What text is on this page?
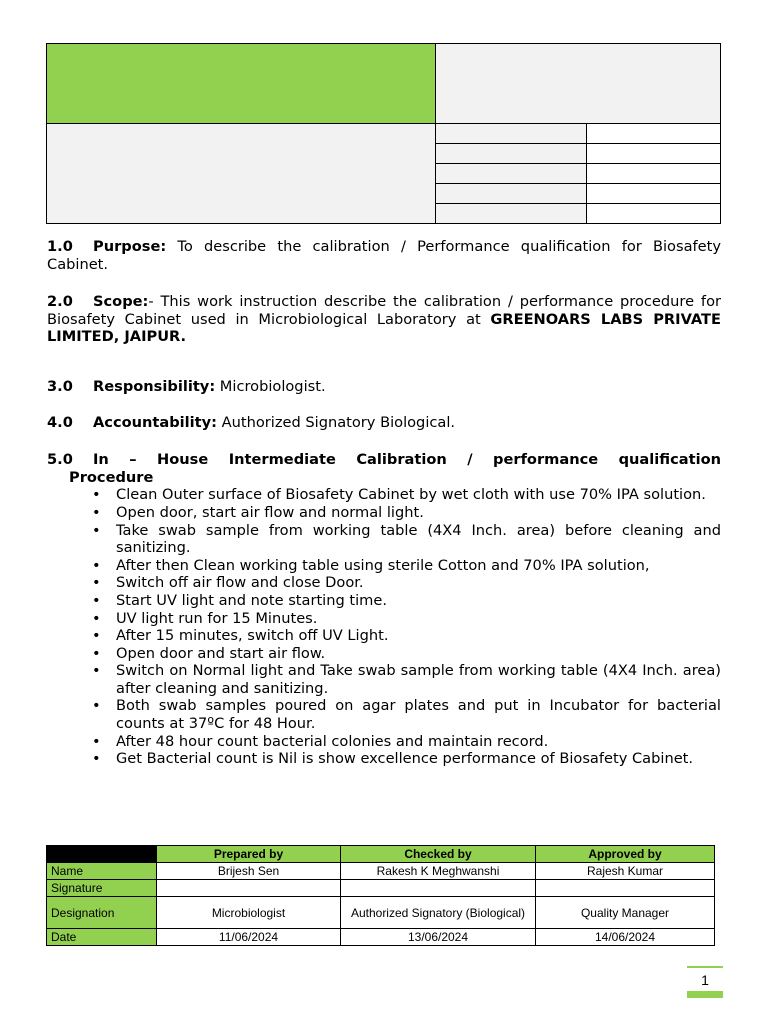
1.0 Purpose: To describe the calibration / Performance qualification for Biosafety Cabinet.

2.0 Scope:- This work instruction describe the calibration / performance procedure for Biosafety Cabinet used in Microbiological Laboratory at GREENOARS LABS PRIVATE LIMITED, JAIPUR.

3.0 Responsibility: Microbiologist.

4.0 Accountability: Authorized Signatory Biological.

5.0 In – House Intermediate Calibration / performance qualification

Procedure

• Clean Outer surface of Biosafety Cabinet by wet cloth with use 70% IPA solution.
• Open door, start air flow and normal light.
• Take swab sample from working table (4X4 Inch. area) before cleaning and sanitizing.
• After then Clean working table using sterile Cotton and 70% IPA solution,
• Switch off air flow and close Door.
• Start UV light and note starting time.
• UV light run for 15 Minutes.
• After 15 minutes, switch off UV Light.
• Open door and start air flow.
• Switch on Normal light and Take swab sample from working table (4X4 Inch. area) after cleaning and sanitizing.
• Both swab samples poured on agar plates and put in Incubator for bacterial counts at 37ºC for 48 Hour.
• After 48 hour count bacterial colonies and maintain record.
• Get Bacterial count is Nil is show excellence performance of Biosafety Cabinet.
	Prepared by	Checked by	Approved by
Name	Brijesh Sen	Rakesh K Meghwanshi	Rajesh Kumar
Signature			
Designation	Microbiologist	Authorized Signatory (Biological)	Quality Manager
Date	11/06/2024	13/06/2024	14/06/2024
1
